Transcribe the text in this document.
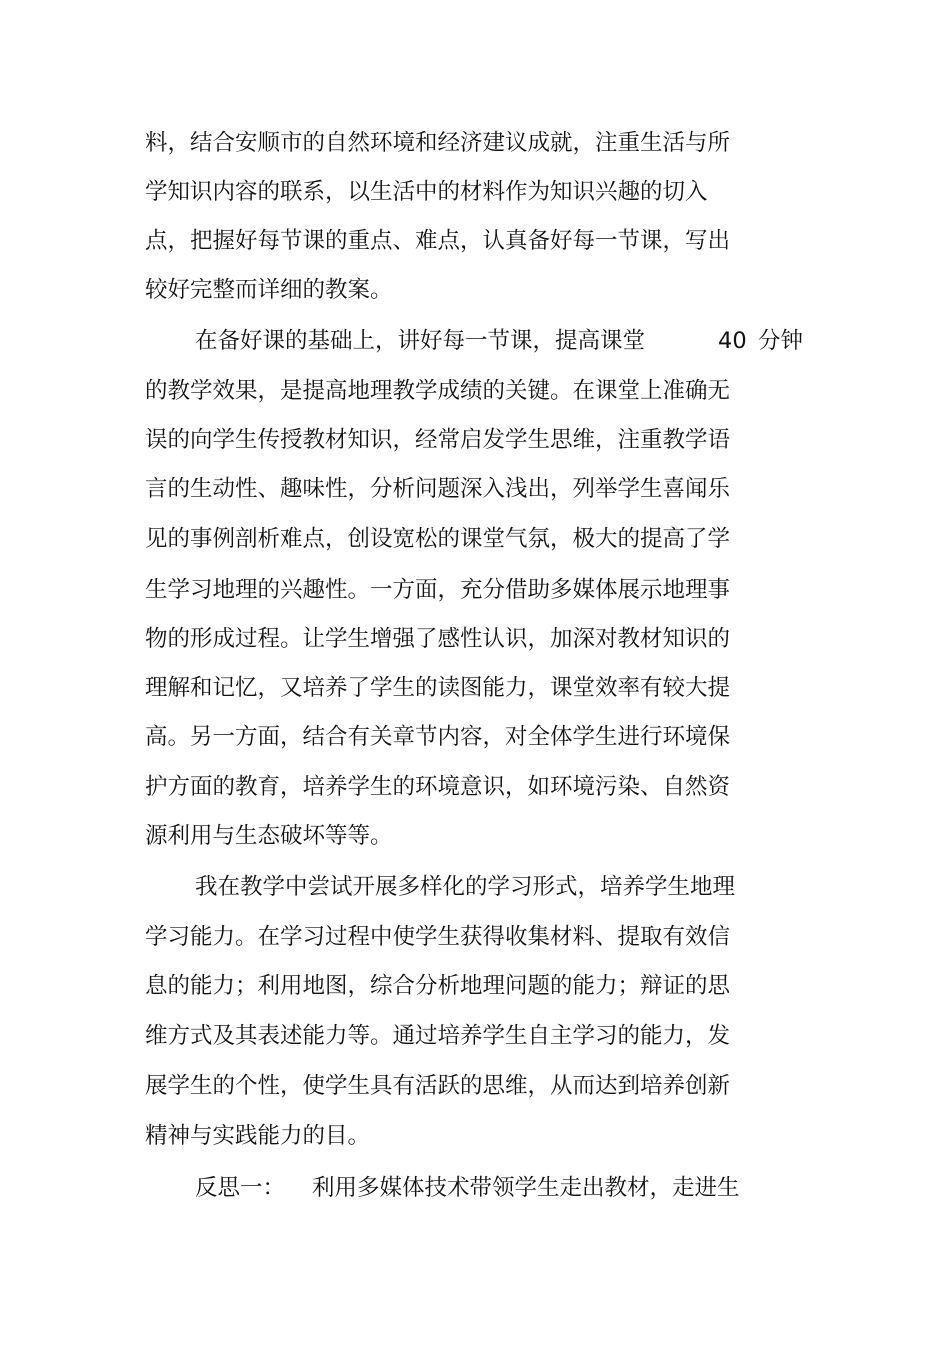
料，结合安顺市的自然环境和经济建议成就，注重生活与所
学知识内容的联系，以生活中的材料作为知识兴趣的切入
点，把握好每节课的重点、难点，认真备好每一节课，写出
较好完整而详细的教案。
在备好课的基础上，讲好每一节课，提高课堂	40 分钟
的教学效果，是提高地理教学成绩的关键。在课堂上准确无
误的向学生传授教材知识，经常启发学生思维，注重教学语
言的生动性、趣味性，分析问题深入浅出，列举学生喜闻乐
见的事例剖析难点，创设宽松的课堂气氛，极大的提高了学
生学习地理的兴趣性。一方面，充分借助多媒体展示地理事
物的形成过程。让学生增强了感性认识，加深对教材知识的
理解和记忆，又培养了学生的读图能力，课堂效率有较大提
高。另一方面，结合有关章节内容，对全体学生进行环境保
护方面的教育，培养学生的环境意识，如环境污染、自然资
源利用与生态破坏等等。
我在教学中尝试开展多样化的学习形式，培养学生地理
学习能力。在学习过程中使学生获得收集材料、提取有效信
息的能力；利用地图，综合分析地理问题的能力；辩证的思
维方式及其表述能力等。通过培养学生自主学习的能力，发
展学生的个性，使学生具有活跃的思维，从而达到培养创新
精神与实践能力的目。
反思一： 利用多媒体技术带领学生走出教材，走进生
